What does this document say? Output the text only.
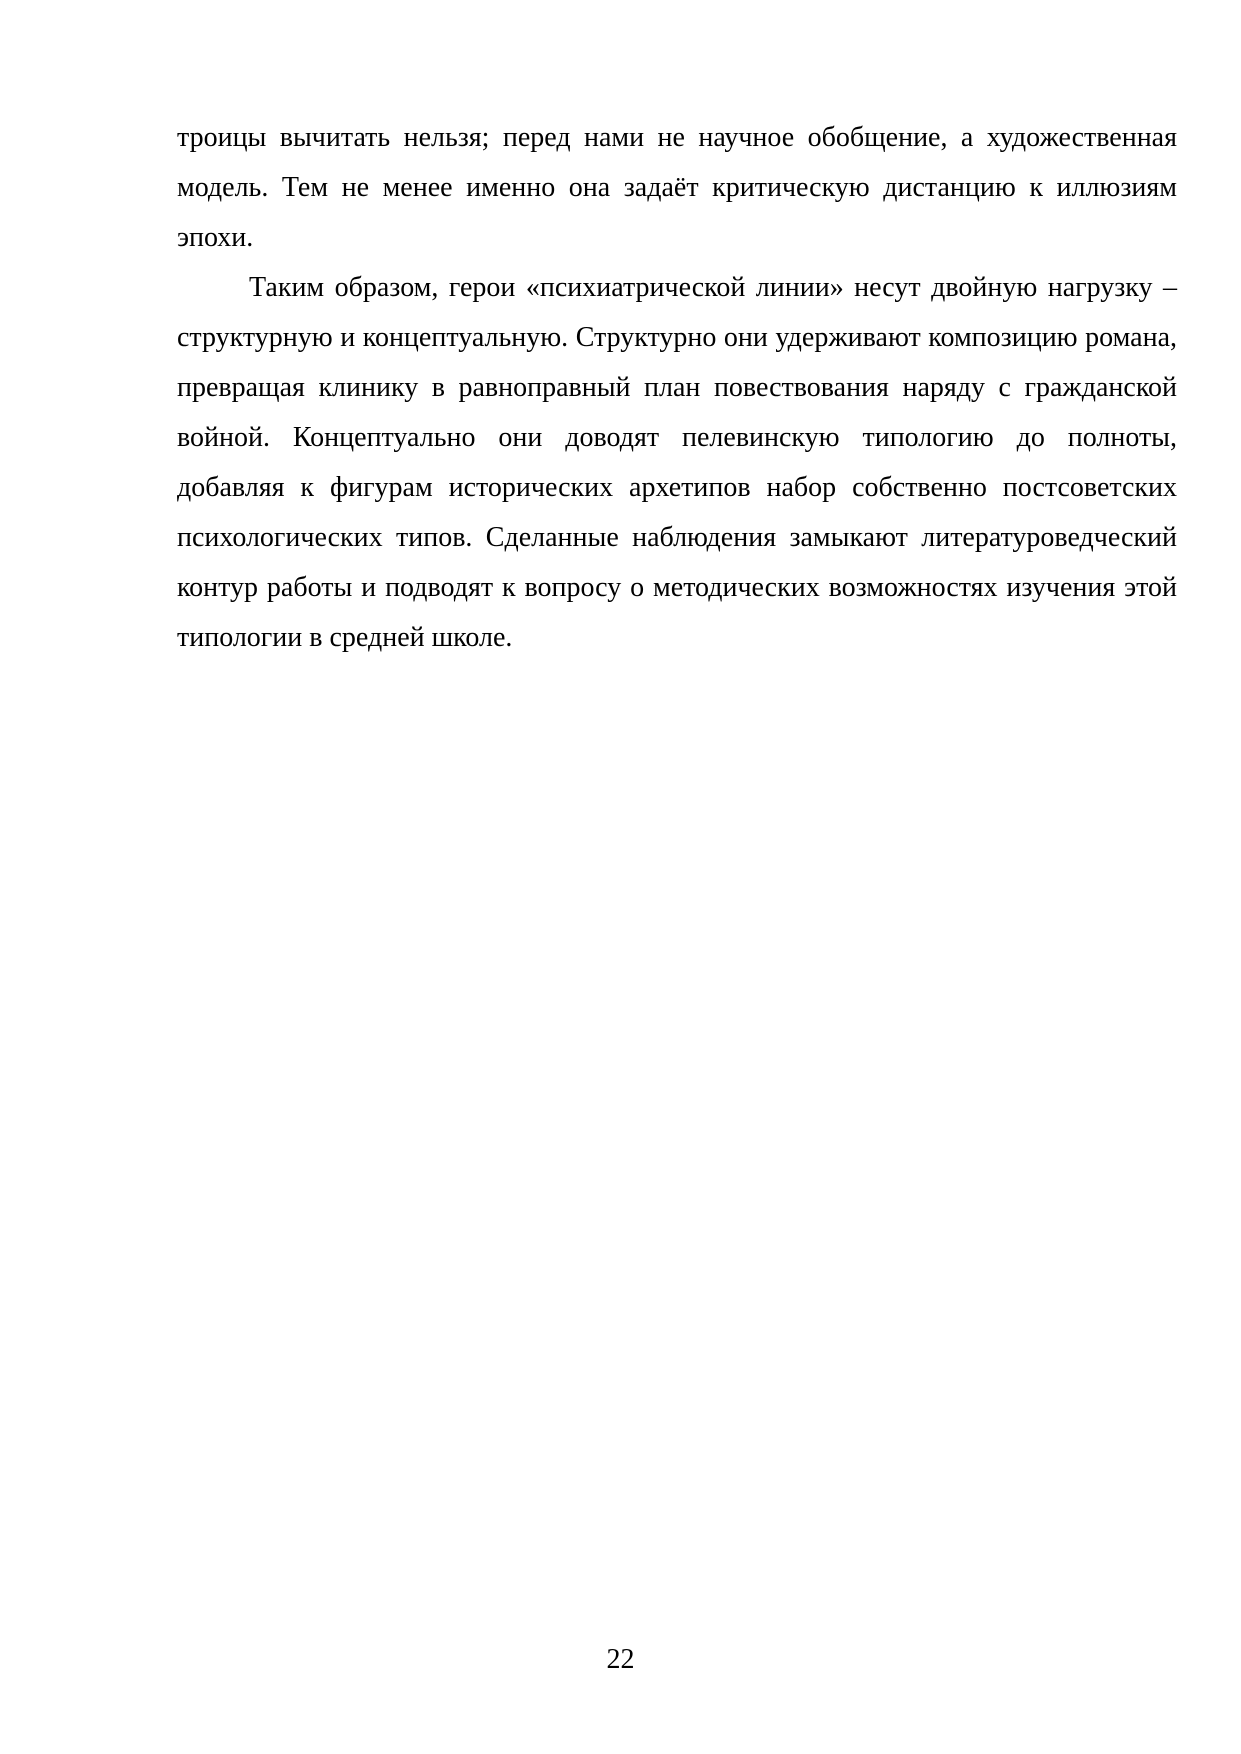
троицы вычитать нельзя; перед нами не научное обобщение, а художественная модель. Тем не менее именно она задаёт критическую дистанцию к иллюзиям эпохи.

Таким образом, герои «психиатрической линии» несут двойную нагрузку – структурную и концептуальную. Структурно они удерживают композицию романа, превращая клинику в равноправный план повествования наряду с гражданской войной. Концептуально они доводят пелевинскую типологию до полноты, добавляя к фигурам исторических архетипов набор собственно постсоветских психологических типов. Сделанные наблюдения замыкают литературоведческий контур работы и подводят к вопросу о методических возможностях изучения этой типологии в средней школе.

22
